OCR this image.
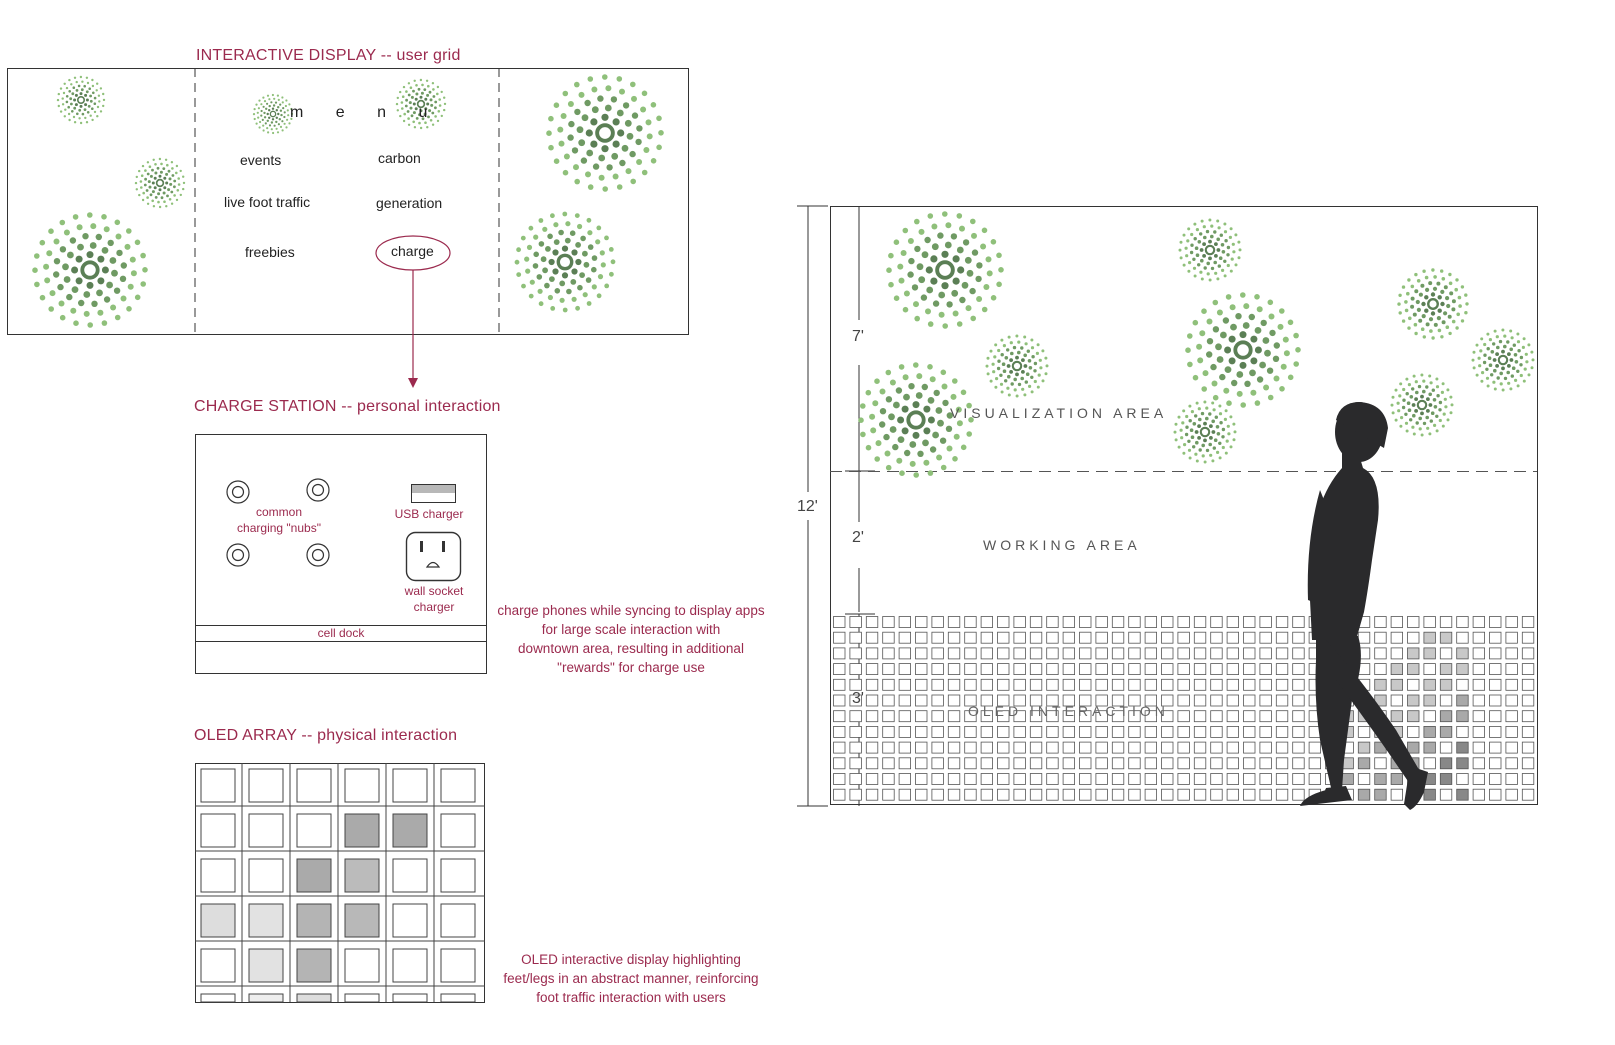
INTERACTIVE DISPLAY -- user grid
m e n u
events	carbon
live foot traffic	generation
freebies	charge
CHARGE STATION -- personal interaction
common
charging "nubs"
USB charger
wall socket
charger
cell dock
charge phones while syncing to display apps
for large scale interaction with
downtown area, resulting in additional
"rewards" for charge use
OLED ARRAY -- physical interaction
OLED interactive display highlighting
feet/legs in an abstract manner, reinforcing
foot traffic interaction with users
12'
7'
2'
3'
VISUALIZATION AREA
WORKING AREA
OLED INTERACTION
